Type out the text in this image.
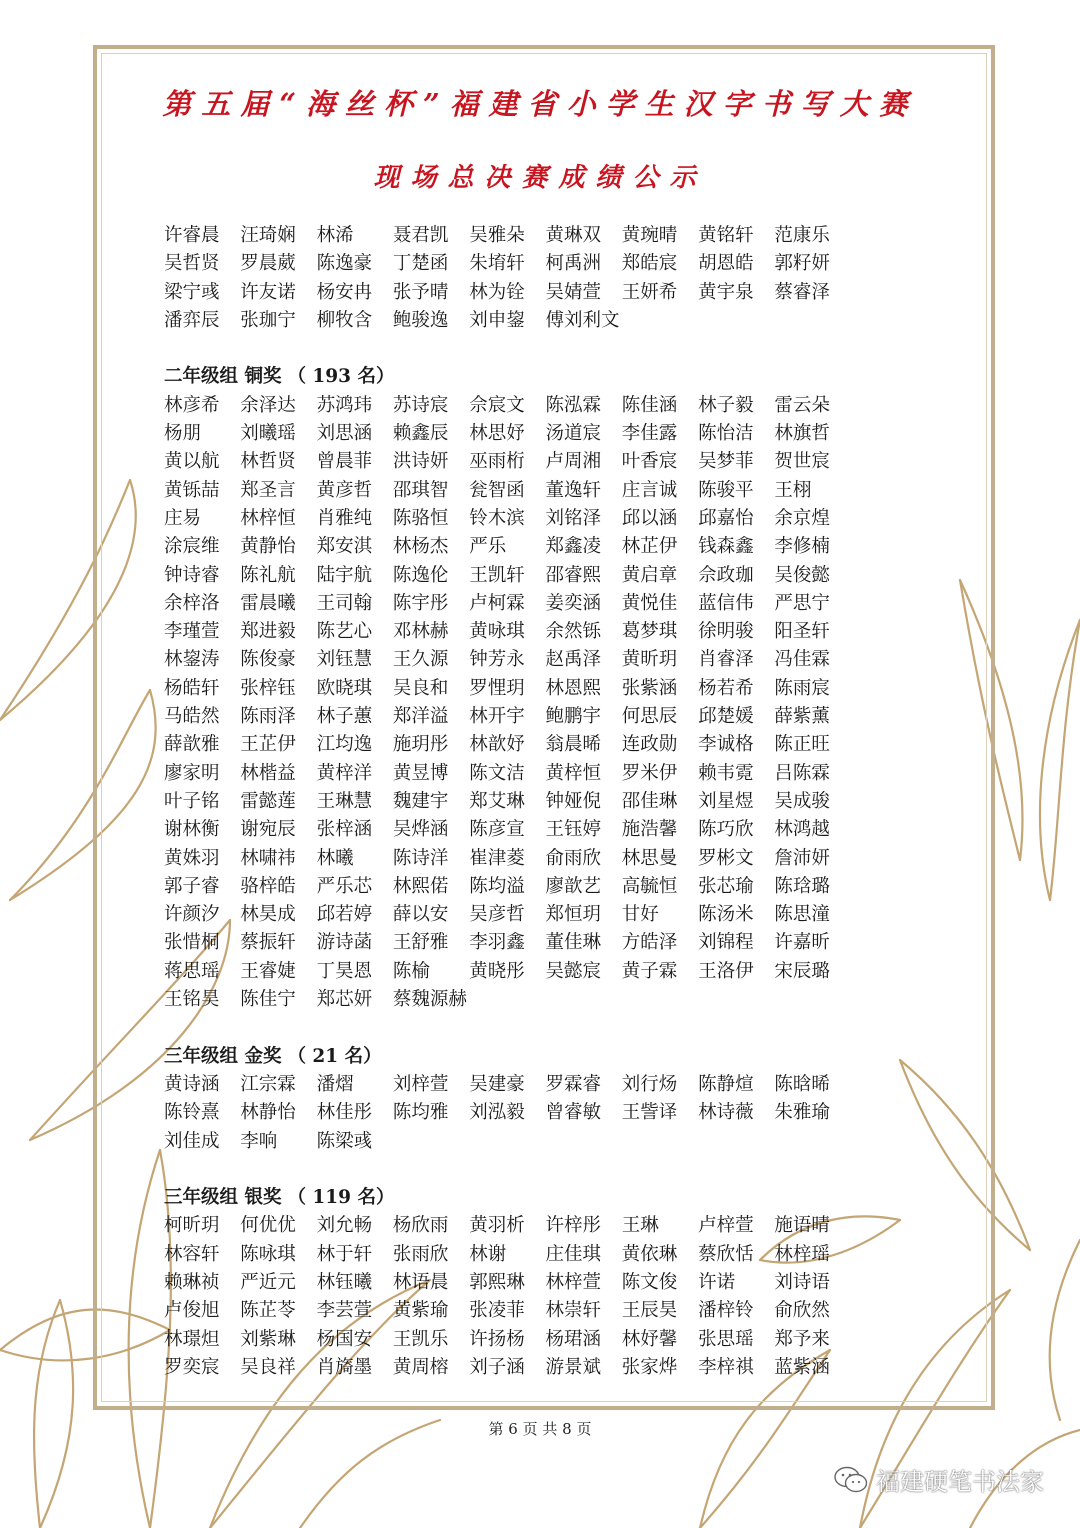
第五届“海丝杯”福建省小学生汉字书写大赛
现场总决赛成绩公示
许睿晨	汪琦娴	林浠	聂君凯	吴雅朵	黄琳双	黄琬晴	黄铭轩	范康乐
吴哲贤	罗晨葳	陈逸豪	丁楚函	朱堉轩	柯禹洲	郑皓宸	胡恩皓	郭籽妍
梁宁彧	许友诺	杨安冉	张予晴	林为铨	吴婧萱	王妍希	黄宇泉	蔡睿泽
潘弈辰	张珈宁	柳牧含	鲍骏逸	刘申鋆	傅刘利文
二年级组 铜奖 （ 193 名）
林彦希	余泽达	苏鸿玮	苏诗宸	佘宸文	陈泓霖	陈佳涵	林子毅	雷云朵
杨朋	刘曦瑶	刘思涵	赖鑫辰	林思妤	汤道宸	李佳露	陈怡洁	林旗哲
黄以航	林哲贤	曾晨菲	洪诗妍	巫雨桁	卢周湘	叶香宸	吴梦菲	贺世宸
黄铄喆	郑圣言	黄彦哲	邵琪智	瓮智函	董逸轩	庄言诚	陈骏平	王栩
庄易	林梓恒	肖雅纯	陈骆恒	铃木滨	刘铭泽	邱以涵	邱嘉怡	余京煌
涂宸维	黄静怡	郑安淇	林杨杰	严乐	郑鑫凌	林芷伊	钱森鑫	李修楠
钟诗睿	陈礼航	陆宇航	陈逸伦	王凯轩	邵睿熙	黄启章	佘政珈	吴俊懿
余梓洛	雷晨曦	王司翰	陈宇彤	卢柯霖	姜奕涵	黄悦佳	蓝信伟	严思宁
李瑾萱	郑进毅	陈艺心	邓林赫	黄咏琪	余然铄	葛梦琪	徐明骏	阳圣轩
林鋆涛	陈俊豪	刘钰慧	王久源	钟芳永	赵禹泽	黄昕玥	肖睿泽	冯佳霖
杨皓轩	张梓钰	欧晓琪	吴良和	罗悝玥	林恩熙	张紫涵	杨若希	陈雨宸
马皓然	陈雨泽	林子蕙	郑洋溢	林开宇	鲍鹏宇	何思辰	邱楚媛	薛紫薰
薛歆雅	王芷伊	江均逸	施玥彤	林歆妤	翁晨晞	连政勋	李诚格	陈正旺
廖家明	林楷益	黄梓洋	黄昱博	陈文洁	黄梓恒	罗米伊	赖韦霓	吕陈霖
叶子铭	雷懿莲	王琳慧	魏建宇	郑艾琳	钟娅倪	邵佳琳	刘星煜	吴成骏
谢林衡	谢宛辰	张梓涵	吴烨涵	陈彦宣	王钰婷	施浩馨	陈巧欣	林鸿越
黄姝羽	林啸祎	林曦	陈诗洋	崔津菱	俞雨欣	林思曼	罗彬文	詹沛妍
郭子睿	骆梓皓	严乐芯	林熙偌	陈均溢	廖歆艺	高毓恒	张芯瑜	陈琀璐
许颜汐	林昊成	邱若婷	薛以安	吴彦哲	郑恒玥	甘好	陈汤米	陈思潼
张惜桐	蔡振轩	游诗菡	王舒雅	李羽鑫	董佳琳	方皓泽	刘锦程	许嘉昕
蒋思瑶	王睿婕	丁昊恩	陈榆	黄晓彤	吴懿宸	黄子霖	王洛伊	宋辰璐
王铭昊	陈佳宁	郑芯妍	蔡魏源赫
三年级组 金奖 （ 21 名）
黄诗涵	江宗霖	潘熠	刘梓萱	吴建豪	罗霖睿	刘行炀	陈静煊	陈晗晞
陈铃熹	林静怡	林佳彤	陈均雅	刘泓毅	曾睿敏	王訾译	林诗薇	朱雅瑜
刘佳成	李响	陈梁彧
三年级组 银奖 （ 119 名）
柯昕玥	何优优	刘允畅	杨欣雨	黄羽析	许梓彤	王琳	卢梓萱	施语晴
林容轩	陈咏琪	林于轩	张雨欣	林谢	庄佳琪	黄依琳	蔡欣恬	林梓瑶
赖琳祯	严近元	林钰曦	林语晨	郭熙琳	林梓萱	陈文俊	许诺	刘诗语
卢俊旭	陈芷苓	李芸萱	黄紫瑜	张凌菲	林崇轩	王辰昊	潘梓铃	俞欣然
林璟炟	刘紫琳	杨国安	王凯乐	许扬杨	杨珺涵	林妤馨	张思瑶	郑予来
罗奕宸	吴良祥	肖旖墨	黄周榕	刘子涵	游景斌	张家烨	李梓祺	蓝紫涵
第 6 页 共 8 页
福建硬笔书法家
